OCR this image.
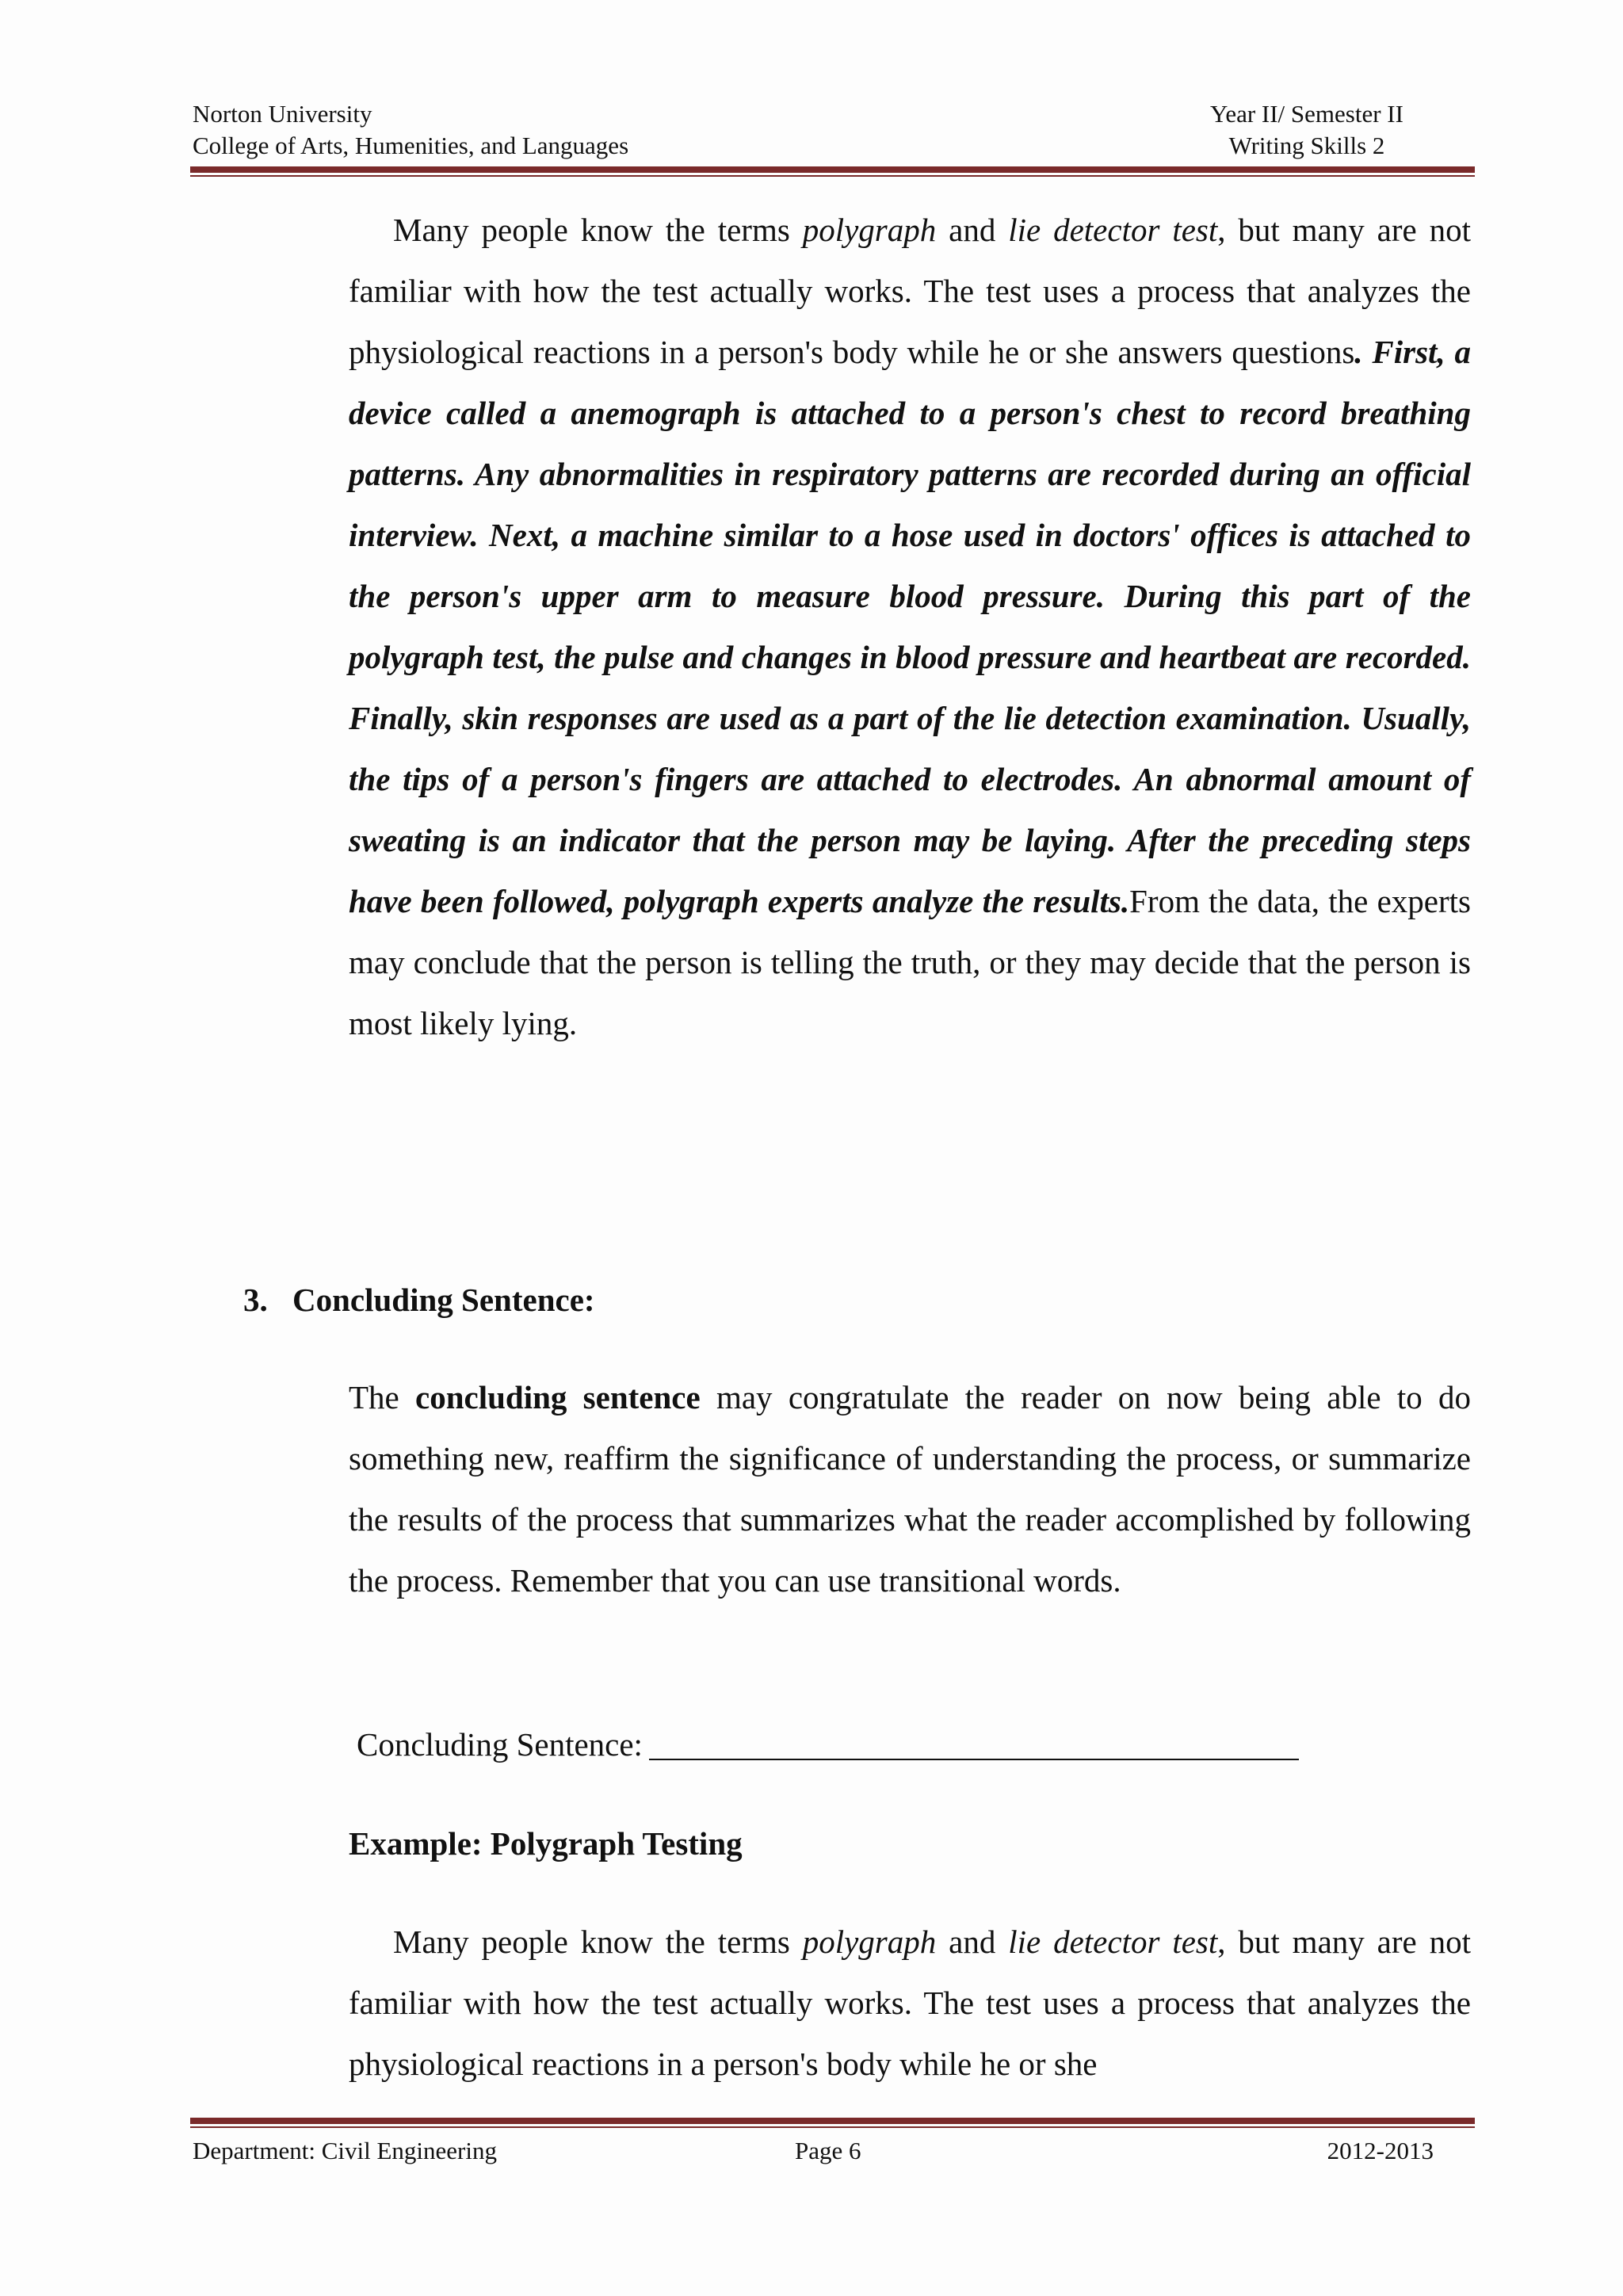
Norton University	Year II/ Semester II
College of Arts, Humenities, and Languages	Writing Skills 2

Many people know the terms polygraph and lie detector test, but many are not familiar with how the test actually works. The test uses a process that analyzes the physiological reactions in a person's body while he or she answers questions. First, a device called a anemograph is attached to a person's chest to record breathing patterns. Any abnormalities in respiratory patterns are recorded during an official interview. Next, a machine similar to a hose used in doctors' offices is attached to the person's upper arm to measure blood pressure. During this part of the polygraph test, the pulse and changes in blood pressure and heartbeat are recorded. Finally, skin responses are used as a part of the lie detection examination. Usually, the tips of a person's fingers are attached to electrodes. An abnormal amount of sweating is an indicator that the person may be laying. After the preceding steps have been followed, polygraph experts analyze the results.From the data, the experts may conclude that the person is telling the truth, or they may decide that the person is most likely lying.

3. Concluding Sentence:

The concluding sentence may congratulate the reader on now being able to do something new, reaffirm the significance of understanding the process, or summarize the results of the process that summarizes what the reader accomplished by following the process. Remember that you can use transitional words.

Concluding Sentence:
Example: Polygraph Testing

Many people know the terms polygraph and lie detector test, but many are not familiar with how the test actually works. The test uses a process that analyzes the physiological reactions in a person's body while he or she

Department: Civil Engineering	Page 6	2012-2013
